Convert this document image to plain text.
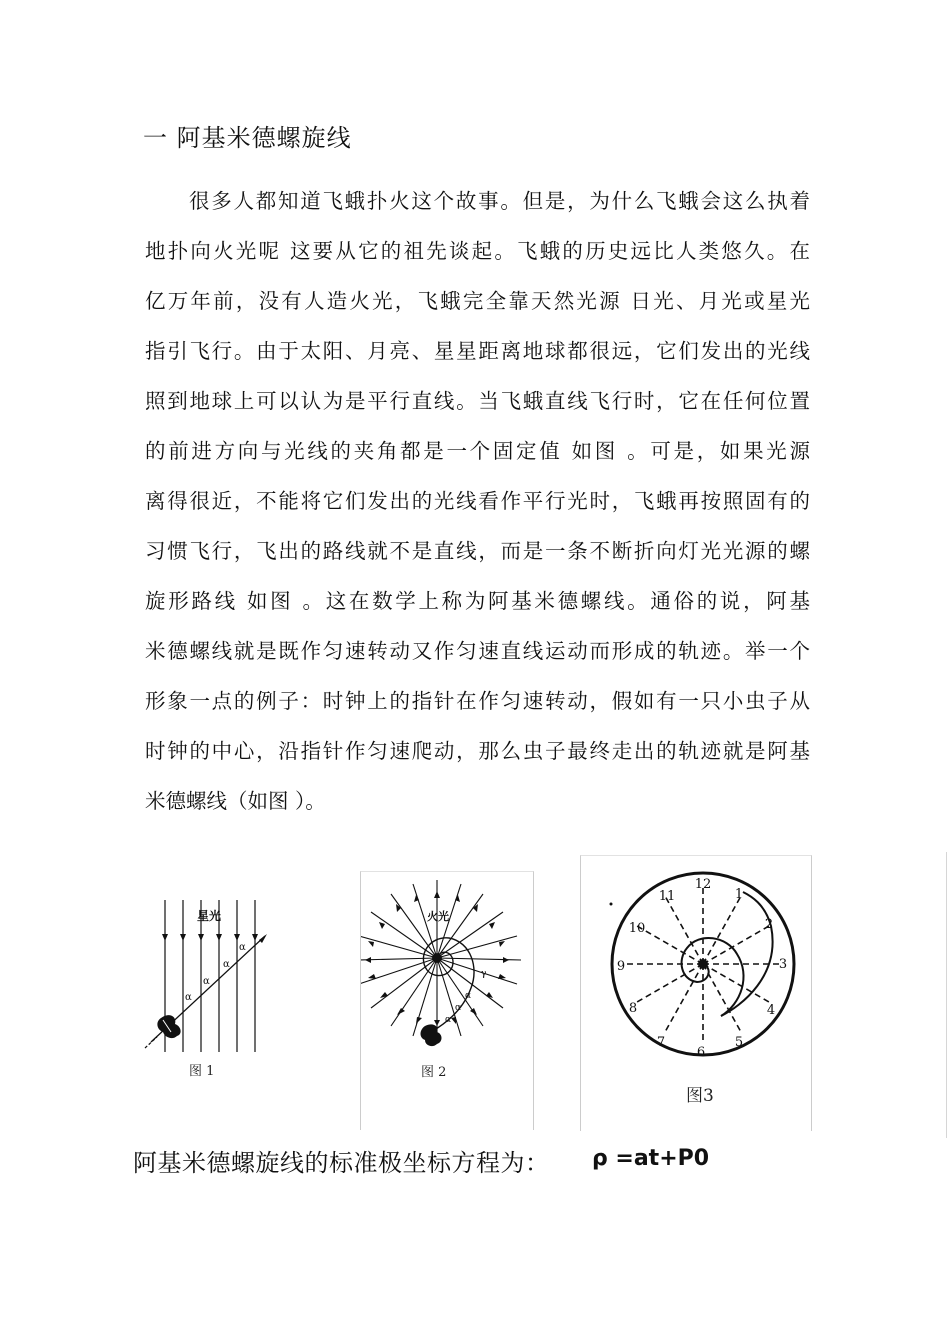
一 阿基米德螺旋线
很多人都知道飞蛾扑火这个故事。但是，为什么飞蛾会这么执着
地扑向火光呢 这要从它的祖先谈起。飞蛾的历史远比人类悠久。在
亿万年前，没有人造火光，飞蛾完全靠天然光源 日光、月光或星光
指引飞行。由于太阳、月亮、星星距离地球都很远，它们发出的光线
照到地球上可以认为是平行直线。当飞蛾直线飞行时，它在任何位置
的前进方向与光线的夹角都是一个固定值 如图 。可是，如果光源
离得很近，不能将它们发出的光线看作平行光时，飞蛾再按照固有的
习惯飞行，飞出的路线就不是直线，而是一条不断折向灯光光源的螺
旋形路线 如图 。这在数学上称为阿基米德螺线。通俗的说，阿基
米德螺线就是既作匀速转动又作匀速直线运动而形成的轨迹。举一个
形象一点的例子：时钟上的指针在作匀速转动，假如有一只小虫子从
时钟的中心，沿指针作匀速爬动，那么虫子最终走出的轨迹就是阿基
米德螺线（如图 ）。
星光
α
α
α
α
图 1
火光
α
α
α
γ
图 2
12
1
2
3
4
5
6
7
8
9
10
11
图3
阿基米德螺旋线的标准极坐标方程为： ρ =at+P0
